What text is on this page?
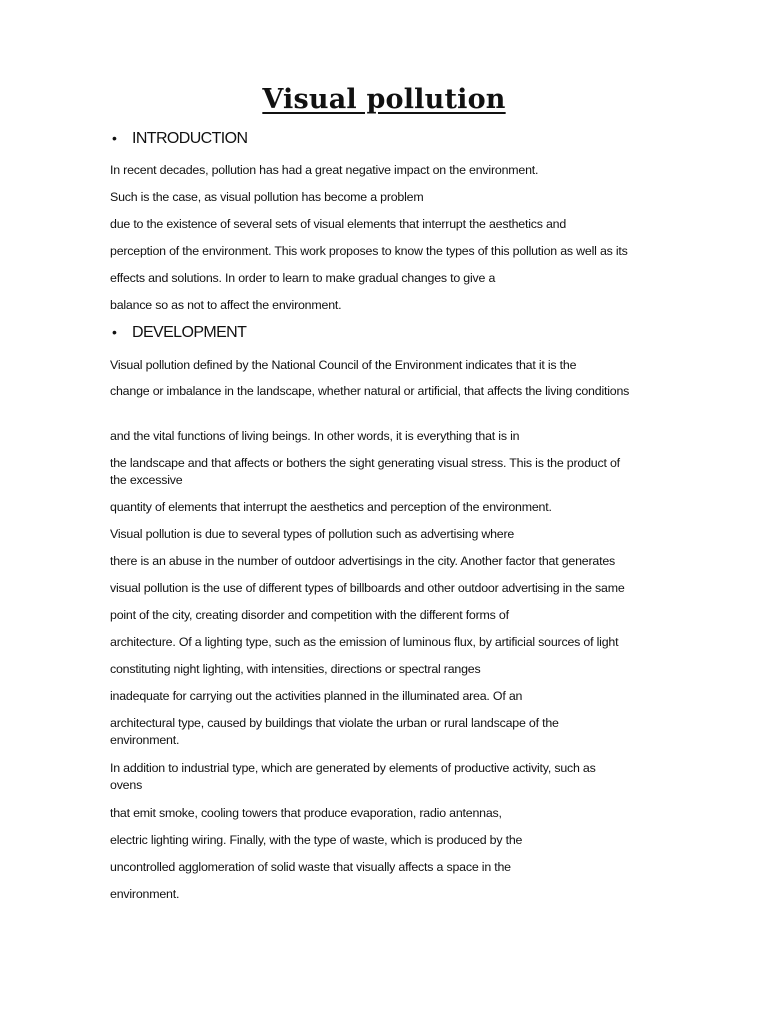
Visual pollution
• INTRODUCTION

In recent decades, pollution has had a great negative impact on the environment.

Such is the case, as visual pollution has become a problem

due to the existence of several sets of visual elements that interrupt the aesthetics and

perception of the environment. This work proposes to know the types of this pollution as well as its

effects and solutions. In order to learn to make gradual changes to give a

balance so as not to affect the environment.

• DEVELOPMENT

Visual pollution defined by the National Council of the Environment indicates that it is the

change or imbalance in the landscape, whether natural or artificial, that affects the living conditions

and the vital functions of living beings. In other words, it is everything that is in

the landscape and that affects or bothers the sight generating visual stress. This is the product of the excessive

quantity of elements that interrupt the aesthetics and perception of the environment.

Visual pollution is due to several types of pollution such as advertising where

there is an abuse in the number of outdoor advertisings in the city. Another factor that generates

visual pollution is the use of different types of billboards and other outdoor advertising in the same

point of the city, creating disorder and competition with the different forms of

architecture. Of a lighting type, such as the emission of luminous flux, by artificial sources of light

constituting night lighting, with intensities, directions or spectral ranges

inadequate for carrying out the activities planned in the illuminated area. Of an

architectural type, caused by buildings that violate the urban or rural landscape of the environment.

In addition to industrial type, which are generated by elements of productive activity, such as ovens

that emit smoke, cooling towers that produce evaporation, radio antennas,

electric lighting wiring. Finally, with the type of waste, which is produced by the

uncontrolled agglomeration of solid waste that visually affects a space in the

environment.
